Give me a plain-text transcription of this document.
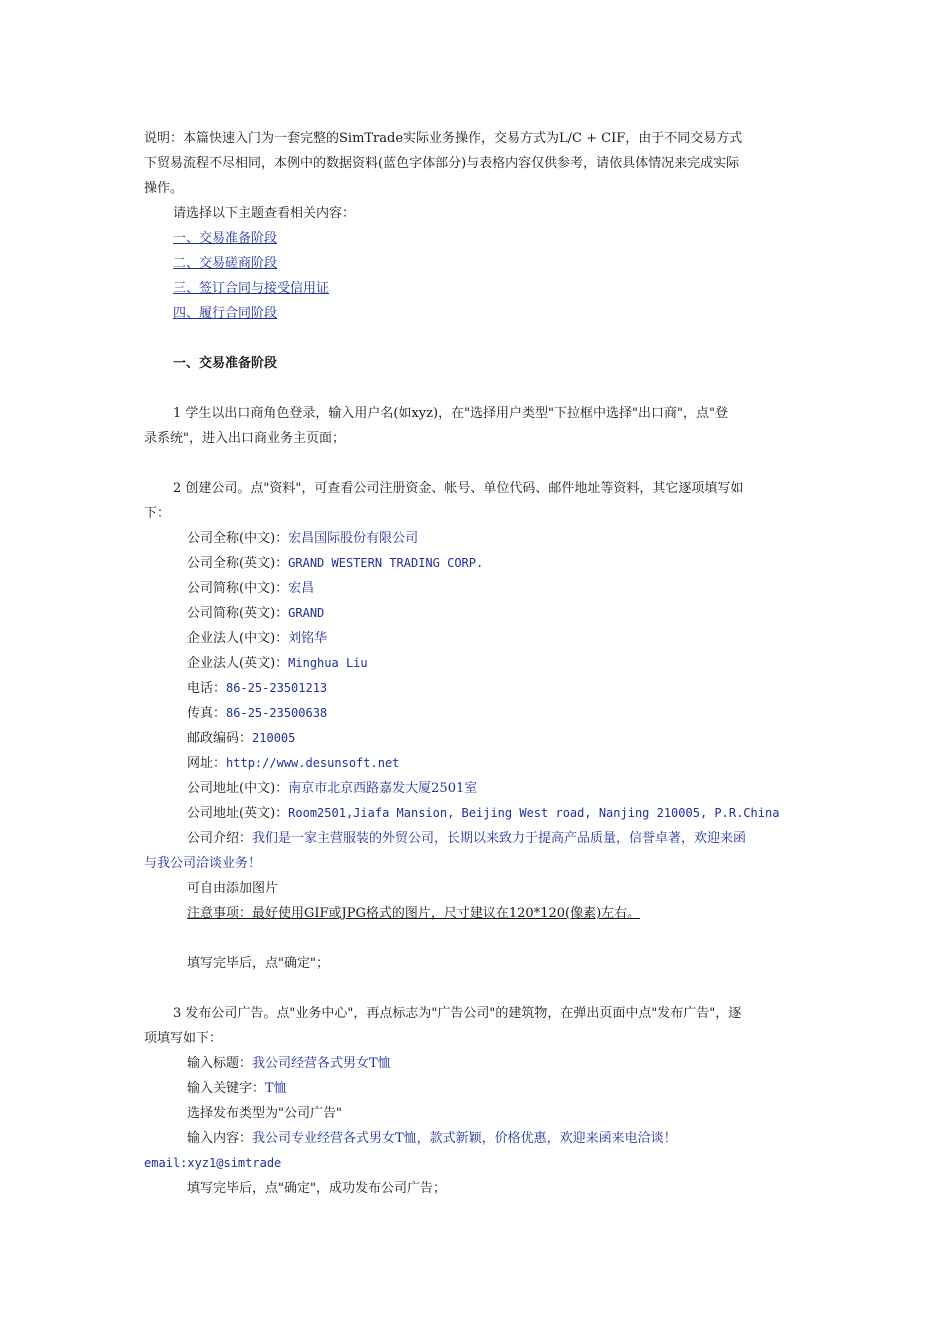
说明：本篇快速入门为一套完整的SimTrade实际业务操作，交易方式为L/C + CIF，由于不同交易方式
下贸易流程不尽相同，本例中的数据资料(蓝色字体部分)与表格内容仅供参考，请依具体情况来完成实际
操作。
请选择以下主题查看相关内容：
一、交易准备阶段
二、交易磋商阶段
三、签订合同与接受信用证
四、履行合同阶段
一、交易准备阶段
1 学生以出口商角色登录，输入用户名(如xyz)，在"选择用户类型"下拉框中选择"出口商"，点"登
录系统"，进入出口商业务主页面；
2 创建公司。点"资料"，可查看公司注册资金、帐号、单位代码、邮件地址等资料，其它逐项填写如
下：
公司全称(中文)：宏昌国际股份有限公司
公司全称(英文)：GRAND WESTERN TRADING CORP.
公司简称(中文)：宏昌
公司简称(英文)：GRAND
企业法人(中文)：刘铭华
企业法人(英文)：Minghua Liu
电话：86-25-23501213
传真：86-25-23500638
邮政编码：210005
网址：http://www.desunsoft.net
公司地址(中文)：南京市北京西路嘉发大厦2501室
公司地址(英文)：Room2501,Jiafa Mansion, Beijing West road, Nanjing 210005, P.R.China
公司介绍：我们是一家主营服装的外贸公司，长期以来致力于提高产品质量，信誉卓著，欢迎来函
与我公司洽谈业务！
可自由添加图片
注意事项：最好使用GIF或JPG格式的图片，尺寸建议在120*120(像素)左右。
填写完毕后，点"确定"；
3 发布公司广告。点"业务中心"，再点标志为"广告公司"的建筑物，在弹出页面中点"发布广告"，逐
项填写如下：
输入标题：我公司经营各式男女T恤
输入关键字：T恤
选择发布类型为"公司广告"
输入内容：我公司专业经营各式男女T恤，款式新颖，价格优惠，欢迎来函来电洽谈！
email:xyz1@simtrade
填写完毕后，点"确定"，成功发布公司广告；
